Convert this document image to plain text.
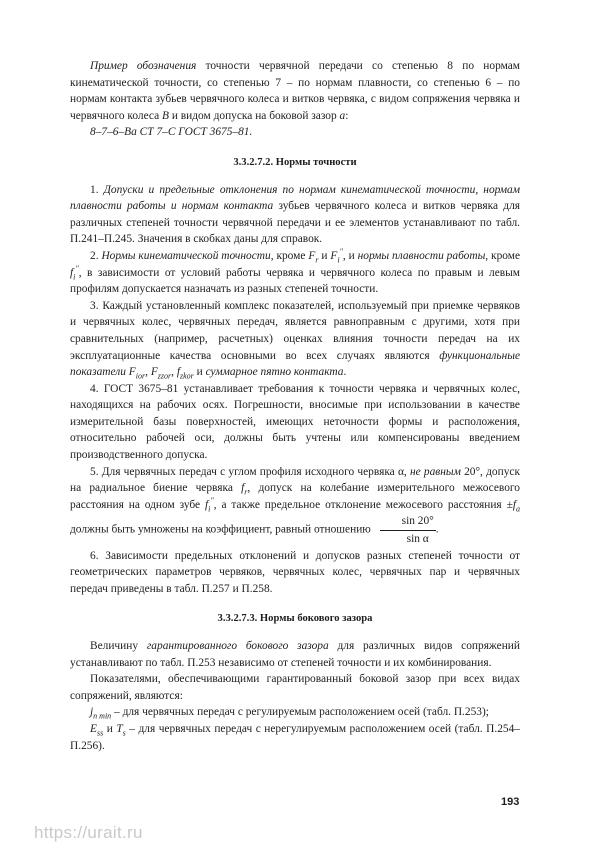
Пример обозначения точности червячной передачи со степенью 8 по нормам кинематической точности, со степенью 7 – по нормам плавности, со степенью 6 – по нормам контакта зубьев червячного колеса и витков червяка, с видом сопряжения червяка и червячного колеса В и видом допуска на боковой зазор а:

8–7–6–Ва СТ 7–С ГОСТ 3675–81.

3.3.2.7.2. Нормы точности

1. Допуски и предельные отклонения по нормам кинематической точности, нормам плавности работы и нормам контакта зубьев червячного колеса и витков червяка для различных степеней точности червячной передачи и ее элементов устанавливают по табл. П.241–П.245. Значения в скобках даны для справок.

2. Нормы кинематической точности, кроме $F_r$ и $F_i''$, и нормы плавности работы, кроме $f_i''$, в зависимости от условий работы червяка и червячного колеса по правым и левым профилям допускается назначать из разных степеней точности.

3. Каждый установленный комплекс показателей, используемый при приемке червяков и червячных колес, червячных передач, является равноправным с другими, хотя при сравнительных (например, расчетных) оценках влияния точности передач на их эксплуатационные качества основными во всех случаях являются функциональные показатели $F_{ior}$, $F_{zzor}$, $f_{zkor}$ и суммарное пятно контакта.

4. ГОСТ 3675–81 устанавливает требования к точности червяка и червячных колес, находящихся на рабочих осях. Погрешности, вносимые при использовании в качестве измерительной базы поверхностей, имеющих неточности формы и расположения, относительно рабочей оси, должны быть учтены или компенсированы введением производственного допуска.

5. Для червячных передач с углом профиля исходного червяка α, не равным 20°, допуск на радиальное биение червяка $f_r$, допуск на колебание измерительного межосевого расстояния на одном зубе $f_i''$, а также предельное отклонение межосевого расстояния $\pm f_a$ должны быть умножены на коэффициент, равный отношению $\frac{\sin 20^\circ}{\text{sin α}}$ .

6. Зависимости предельных отклонений и допусков разных степеней точности от геометрических параметров червяков, червячных колес, червячных пар и червячных передач приведены в табл. П.257 и П.258.

3.3.2.7.3. Нормы бокового зазора

Величину гарантированного бокового зазора для различных видов сопряжений устанавливают по табл. П.253 независимо от степеней точности и их комбинирования.

Показателями, обеспечивающими гарантированный боковой зазор при всех видах сопряжений, являются:

$j_{n min}$ – для червячных передач с регулируемым расположением осей (табл. П.253);

$E_{ss}$ и $T_s$ – для червячных передач с нерегулируемым расположением осей (табл. П.254–П.256).

193
https://urait.ru
